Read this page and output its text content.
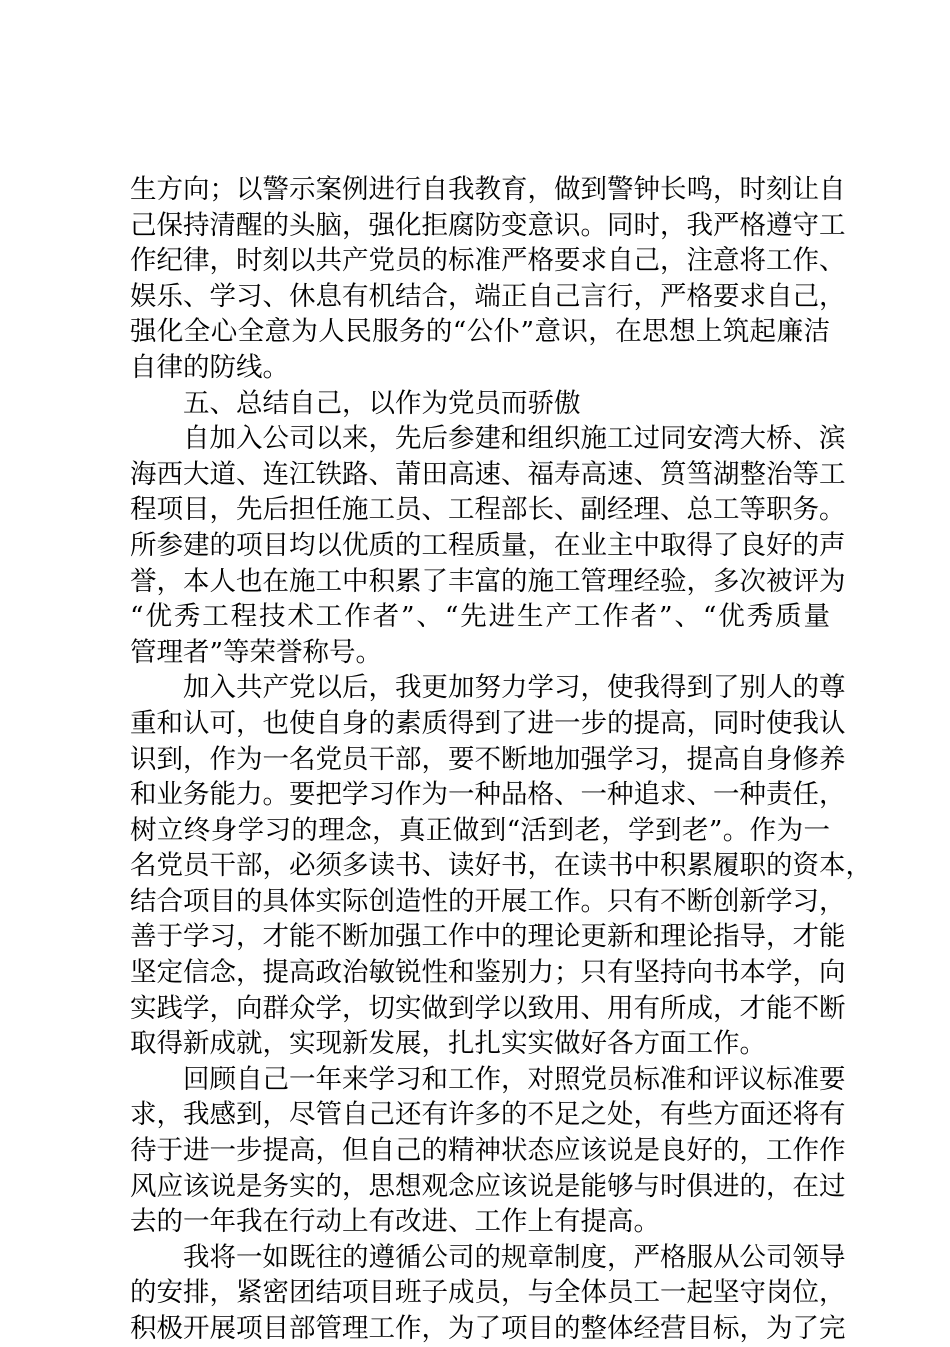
生方向；以警示案例进行自我教育，做到警钟长鸣，时刻让自
己保持清醒的头脑，强化拒腐防变意识。同时，我严格遵守工
作纪律，时刻以共产党员的标准严格要求自己，注意将工作、
娱乐、学习、休息有机结合，端正自己言行，严格要求自己，
强化全心全意为人民服务的“公仆”意识，在思想上筑起廉洁
自律的防线。
五、总结自己，以作为党员而骄傲
自加入公司以来，先后参建和组织施工过同安湾大桥、滨
海西大道、连江铁路、莆田高速、福寿高速、筼筜湖整治等工
程项目，先后担任施工员、工程部长、副经理、总工等职务。
所参建的项目均以优质的工程质量，在业主中取得了良好的声
誉，本人也在施工中积累了丰富的施工管理经验，多次被评为
“优秀工程技术工作者”、“先进生产工作者”、“优秀质量
管理者”等荣誉称号。
加入共产党以后，我更加努力学习，使我得到了别人的尊
重和认可，也使自身的素质得到了进一步的提高，同时使我认
识到，作为一名党员干部，要不断地加强学习，提高自身修养
和业务能力。要把学习作为一种品格、一种追求、一种责任，
树立终身学习的理念，真正做到“活到老，学到老”。作为一
名党员干部，必须多读书、读好书，在读书中积累履职的资本，
结合项目的具体实际创造性的开展工作。只有不断创新学习，
善于学习，才能不断加强工作中的理论更新和理论指导，才能
坚定信念，提高政治敏锐性和鉴别力；只有坚持向书本学，向
实践学，向群众学，切实做到学以致用、用有所成，才能不断
取得新成就，实现新发展，扎扎实实做好各方面工作。
回顾自己一年来学习和工作，对照党员标准和评议标准要
求，我感到，尽管自己还有许多的不足之处，有些方面还将有
待于进一步提高，但自己的精神状态应该说是良好的，工作作
风应该说是务实的，思想观念应该说是能够与时俱进的，在过
去的一年我在行动上有改进、工作上有提高。
我将一如既往的遵循公司的规章制度，严格服从公司领导
的安排，紧密团结项目班子成员，与全体员工一起坚守岗位，
积极开展项目部管理工作，为了项目的整体经营目标，为了完
